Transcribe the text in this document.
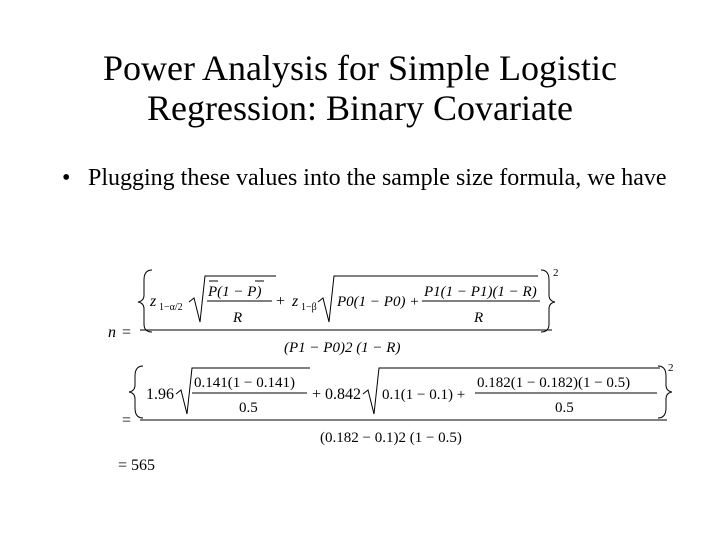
Power Analysis for Simple Logistic
Regression: Binary Covariate
• Plugging these values into the sample size formula, we have
n =
2
z 1−α/2
P(1 − P)
R
+ z 1−β P0(1 − P0) +
P1(1 − P1)(1 − R)
R
(P1 − P0)2 (1 − R)
=
2
1.96
0.141(1 − 0.141)
0.5
+ 0.842 0.1(1 − 0.1) +
0.182(1 − 0.182)(1 − 0.5)
0.5
(0.182 − 0.1)2 (1 − 0.5)
= 565
